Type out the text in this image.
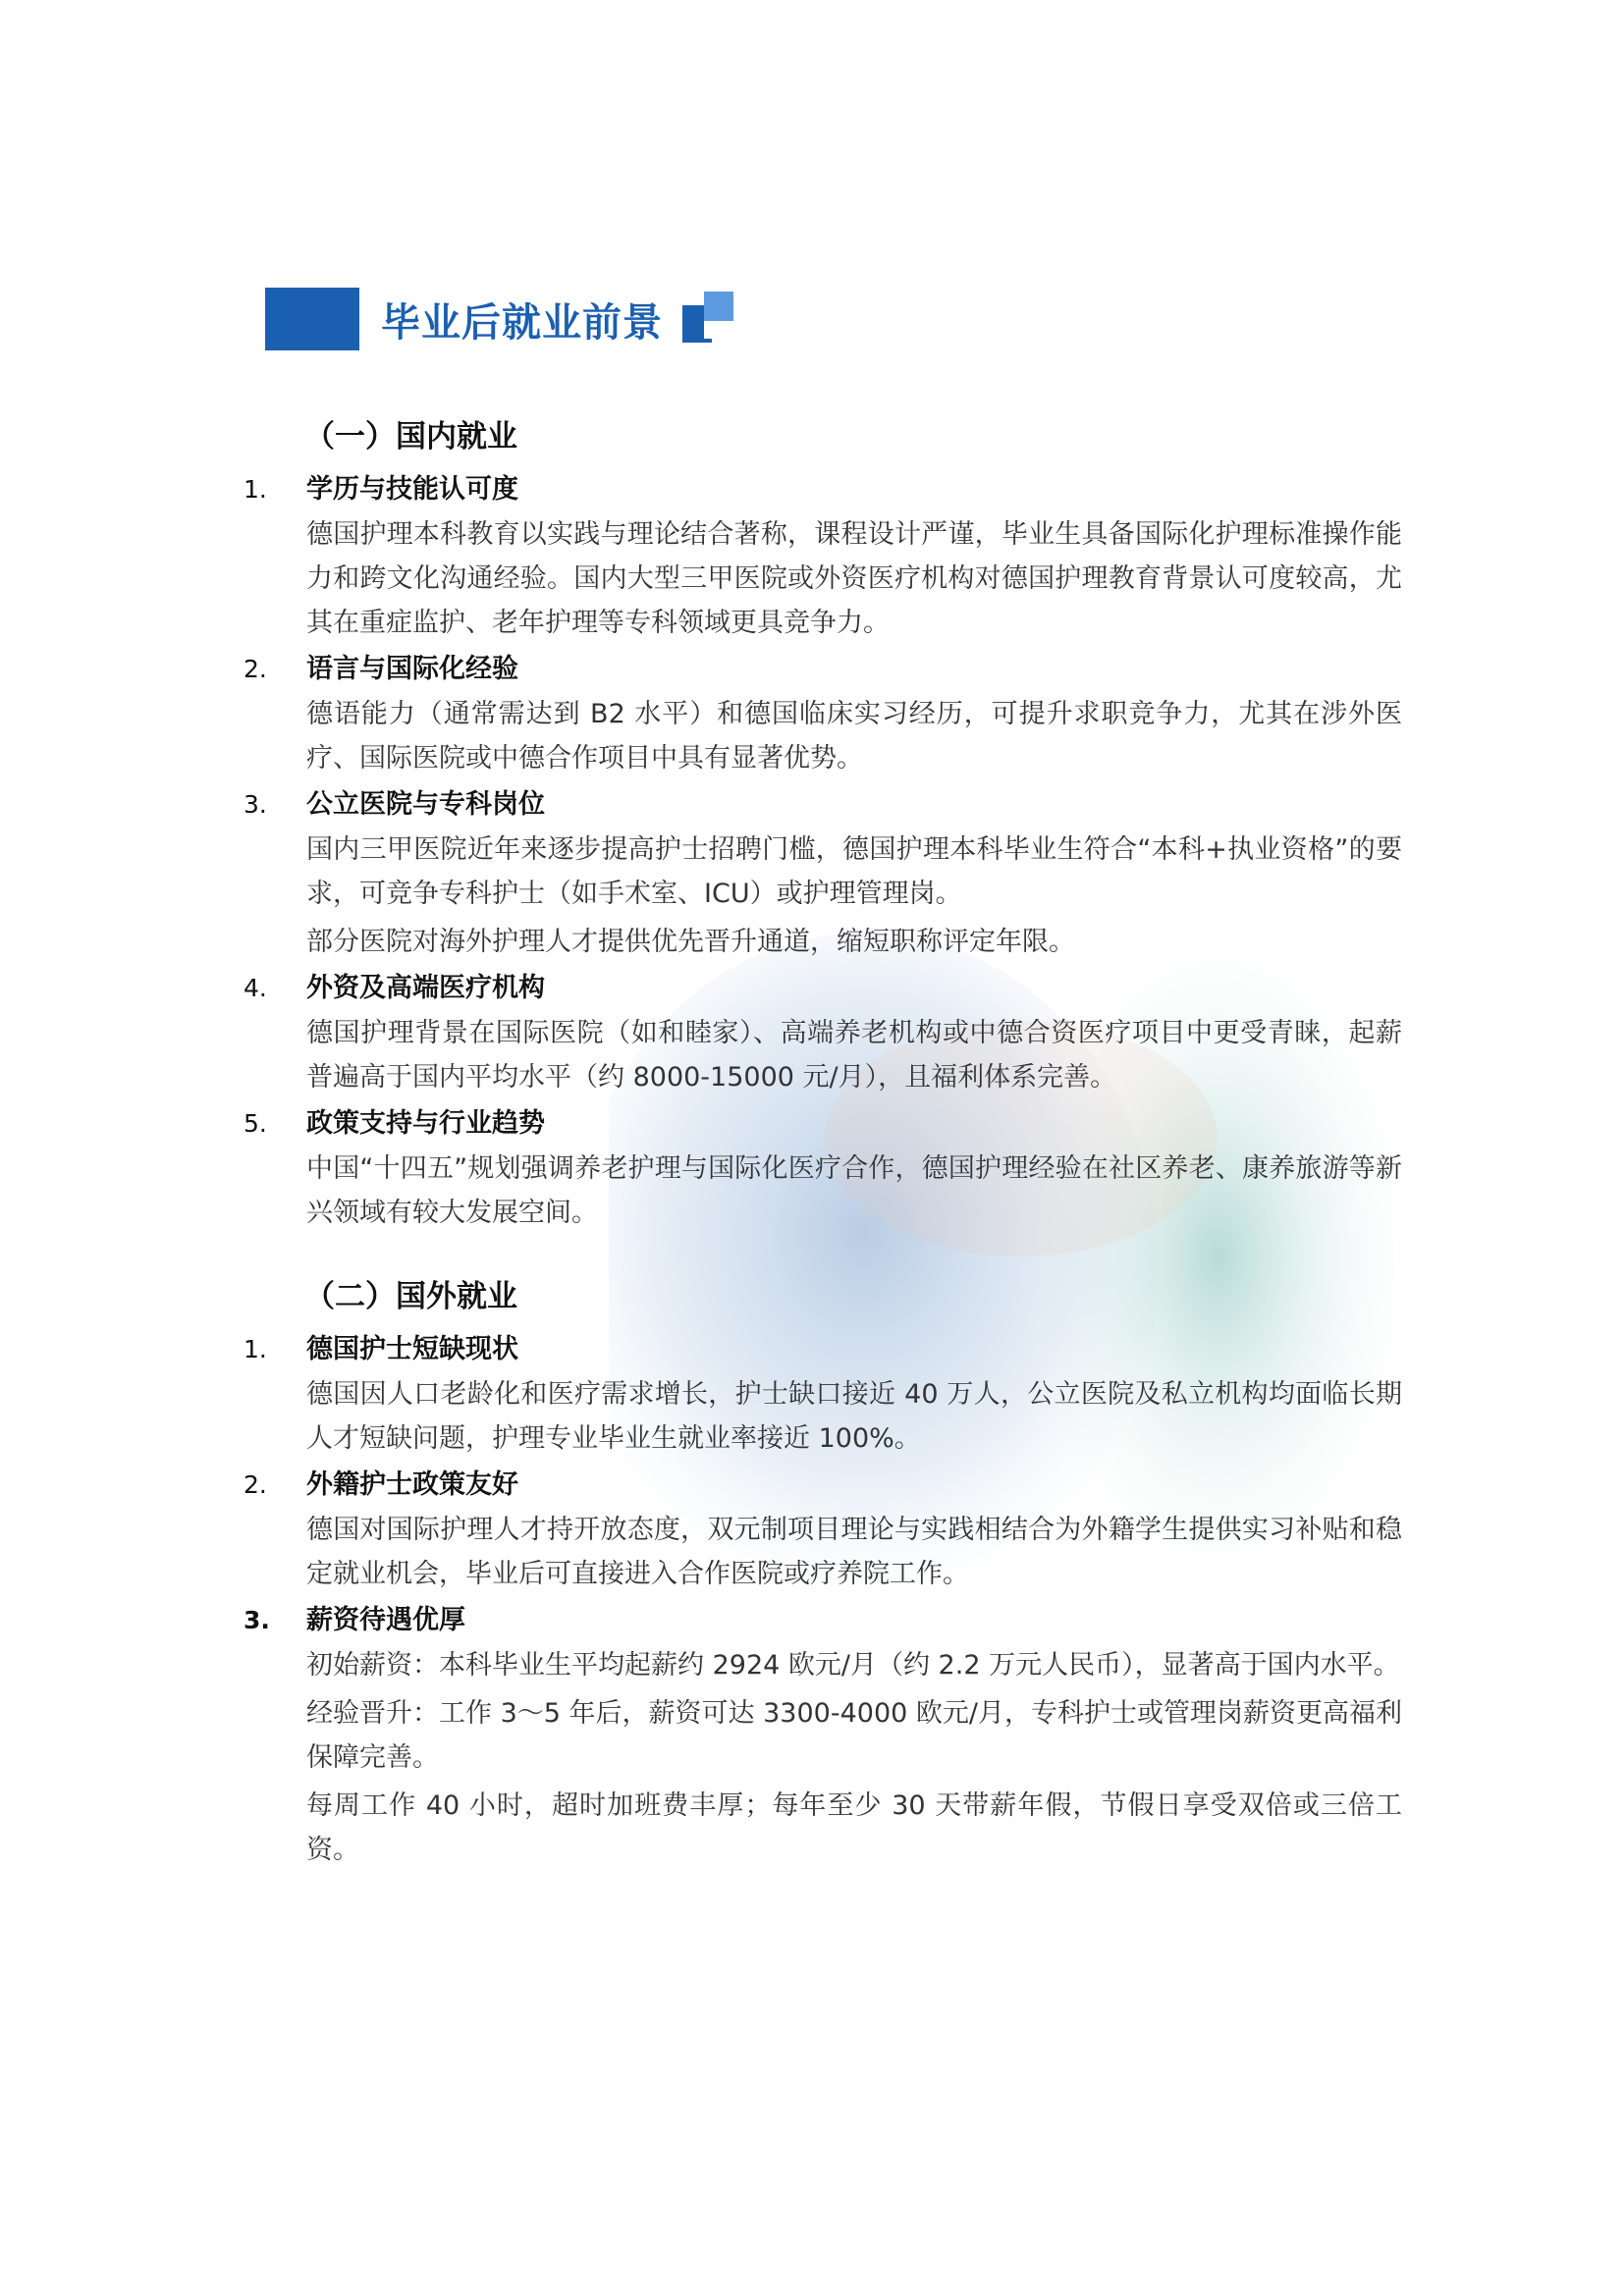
毕业后就业前景
（一）国内就业
1.	学历与技能认可度

德国护理本科教育以实践与理论结合著称，课程设计严谨，毕业生具备国际化护理标准操作能力和跨文化沟通经验。国内大型三甲医院或外资医疗机构对德国护理教育背景认可度较高，尤其在重症监护、老年护理等专科领域更具竞争力。

2.	语言与国际化经验

德语能力（通常需达到 B2 水平）和德国临床实习经历，可提升求职竞争力，尤其在涉外医疗、国际医院或中德合作项目中具有显著优势。

3.	公立医院与专科岗位

国内三甲医院近年来逐步提高护士招聘门槛，德国护理本科毕业生符合“本科+执业资格”的要求，可竞争专科护士（如手术室、ICU）或护理管理岗。

部分医院对海外护理人才提供优先晋升通道，缩短职称评定年限。

4.	外资及高端医疗机构

德国护理背景在国际医院（如和睦家）、高端养老机构或中德合资医疗项目中更受青睐，起薪普遍高于国内平均水平（约 8000-15000 元/月），且福利体系完善。

5.	政策支持与行业趋势

中国“十四五”规划强调养老护理与国际化医疗合作，德国护理经验在社区养老、康养旅游等新兴领域有较大发展空间。

（二）国外就业
1.	德国护士短缺现状

德国因人口老龄化和医疗需求增长，护士缺口接近 40 万人，公立医院及私立机构均面临长期人才短缺问题，护理专业毕业生就业率接近 100%。

2.	外籍护士政策友好

德国对国际护理人才持开放态度，双元制项目理论与实践相结合为外籍学生提供实习补贴和稳定就业机会，毕业后可直接进入合作医院或疗养院工作。

3.	薪资待遇优厚

初始薪资：本科毕业生平均起薪约 2924 欧元/月（约 2.2 万元人民币），显著高于国内水平。

经验晋升：工作 3～5 年后，薪资可达 3300-4000 欧元/月，专科护士或管理岗薪资更高福利保障完善。

每周工作 40 小时，超时加班费丰厚；每年至少 30 天带薪年假，节假日享受双倍或三倍工资。
